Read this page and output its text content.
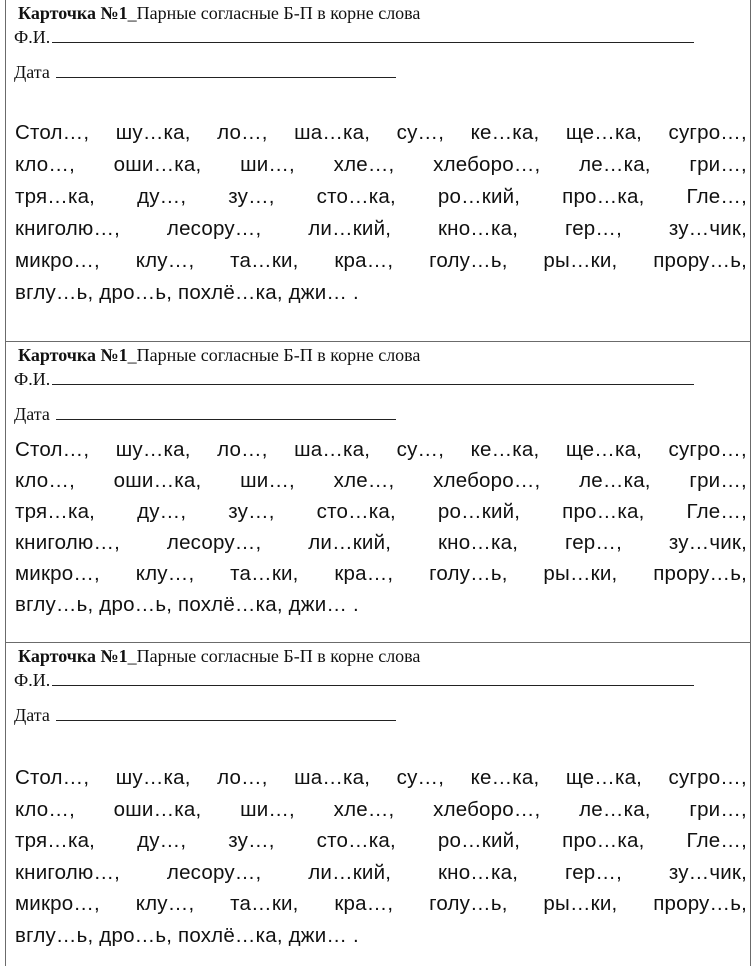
Карточка №1_Парные согласные Б-П в корне слова
Ф.И.
Дата
Стол…, шу…ка, ло…, ша…ка, су…, ке…ка, ще…ка, сугро…,
кло…, оши…ка, ши…, хле…, хлеборо…, ле…ка, гри…,
тря…ка, ду…, зу…, сто…ка, ро…кий, про…ка, Гле…,
книголю…, лесору…, ли…кий, кно…ка, гер…, зу…чик,
микро…, клу…, та…ки, кра…, голу…ь, ры…ки, прору…ь,
вглу…ь, дро…ь, похлё…ка, джи… .
Карточка №1_Парные согласные Б-П в корне слова
Ф.И.
Дата
Стол…, шу…ка, ло…, ша…ка, су…, ке…ка, ще…ка, сугро…,
кло…, оши…ка, ши…, хле…, хлеборо…, ле…ка, гри…,
тря…ка, ду…, зу…, сто…ка, ро…кий, про…ка, Гле…,
книголю…, лесору…, ли…кий, кно…ка, гер…, зу…чик,
микро…, клу…, та…ки, кра…, голу…ь, ры…ки, прору…ь,
вглу…ь, дро…ь, похлё…ка, джи… .
Карточка №1_Парные согласные Б-П в корне слова
Ф.И.
Дата
Стол…, шу…ка, ло…, ша…ка, су…, ке…ка, ще…ка, сугро…,
кло…, оши…ка, ши…, хле…, хлеборо…, ле…ка, гри…,
тря…ка, ду…, зу…, сто…ка, ро…кий, про…ка, Гле…,
книголю…, лесору…, ли…кий, кно…ка, гер…, зу…чик,
микро…, клу…, та…ки, кра…, голу…ь, ры…ки, прору…ь,
вглу…ь, дро…ь, похлё…ка, джи… .
